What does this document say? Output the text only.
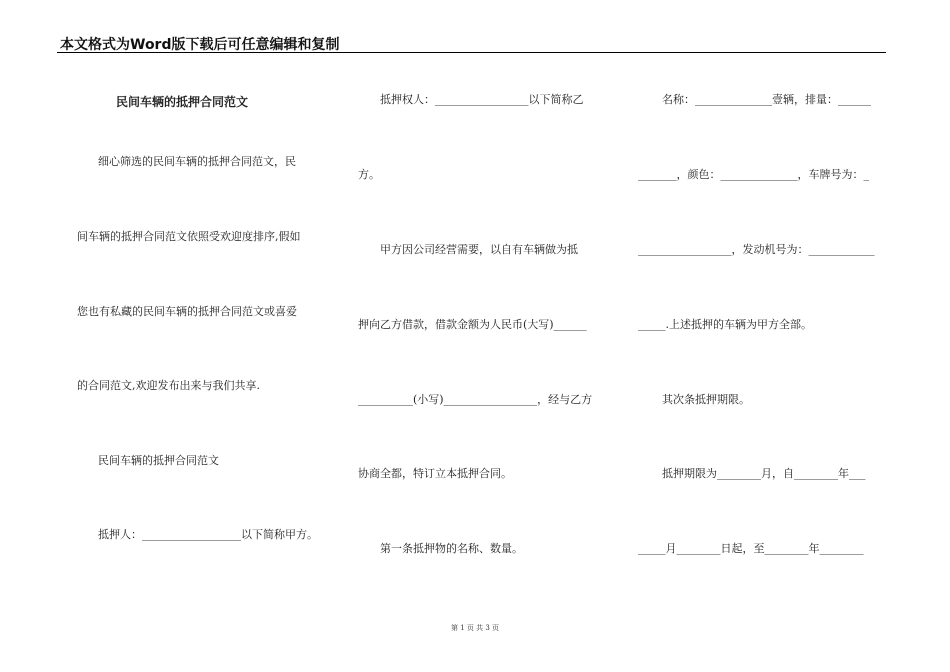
本文格式为Word版下载后可任意编辑和复制
民间车辆的抵押合同范文
细心筛选的民间车辆的抵押合同范文，民
间车辆的抵押合同范文依照受欢迎度排序,假如
您也有私藏的民间车辆的抵押合同范文或喜爱
的合同范文,欢迎发布出来与我们共享.
民间车辆的抵押合同范文
抵押人：__________________以下简称甲方。
抵押权人：_________________以下简称乙
方。
甲方因公司经营需要，以自有车辆做为抵
押向乙方借款，借款金额为人民币(大写)______
__________(小写)_________________，经与乙方
协商全都，特订立本抵押合同。
第一条抵押物的名称、数量。
名称：______________壹辆，排量：______
_______，颜色：______________，车牌号为：_
_________________，发动机号为：____________
_____.上述抵押的车辆为甲方全部。
其次条抵押期限。
抵押期限为________月，自________年___
_____月________日起，至________年________
第 1 页 共 3 页
